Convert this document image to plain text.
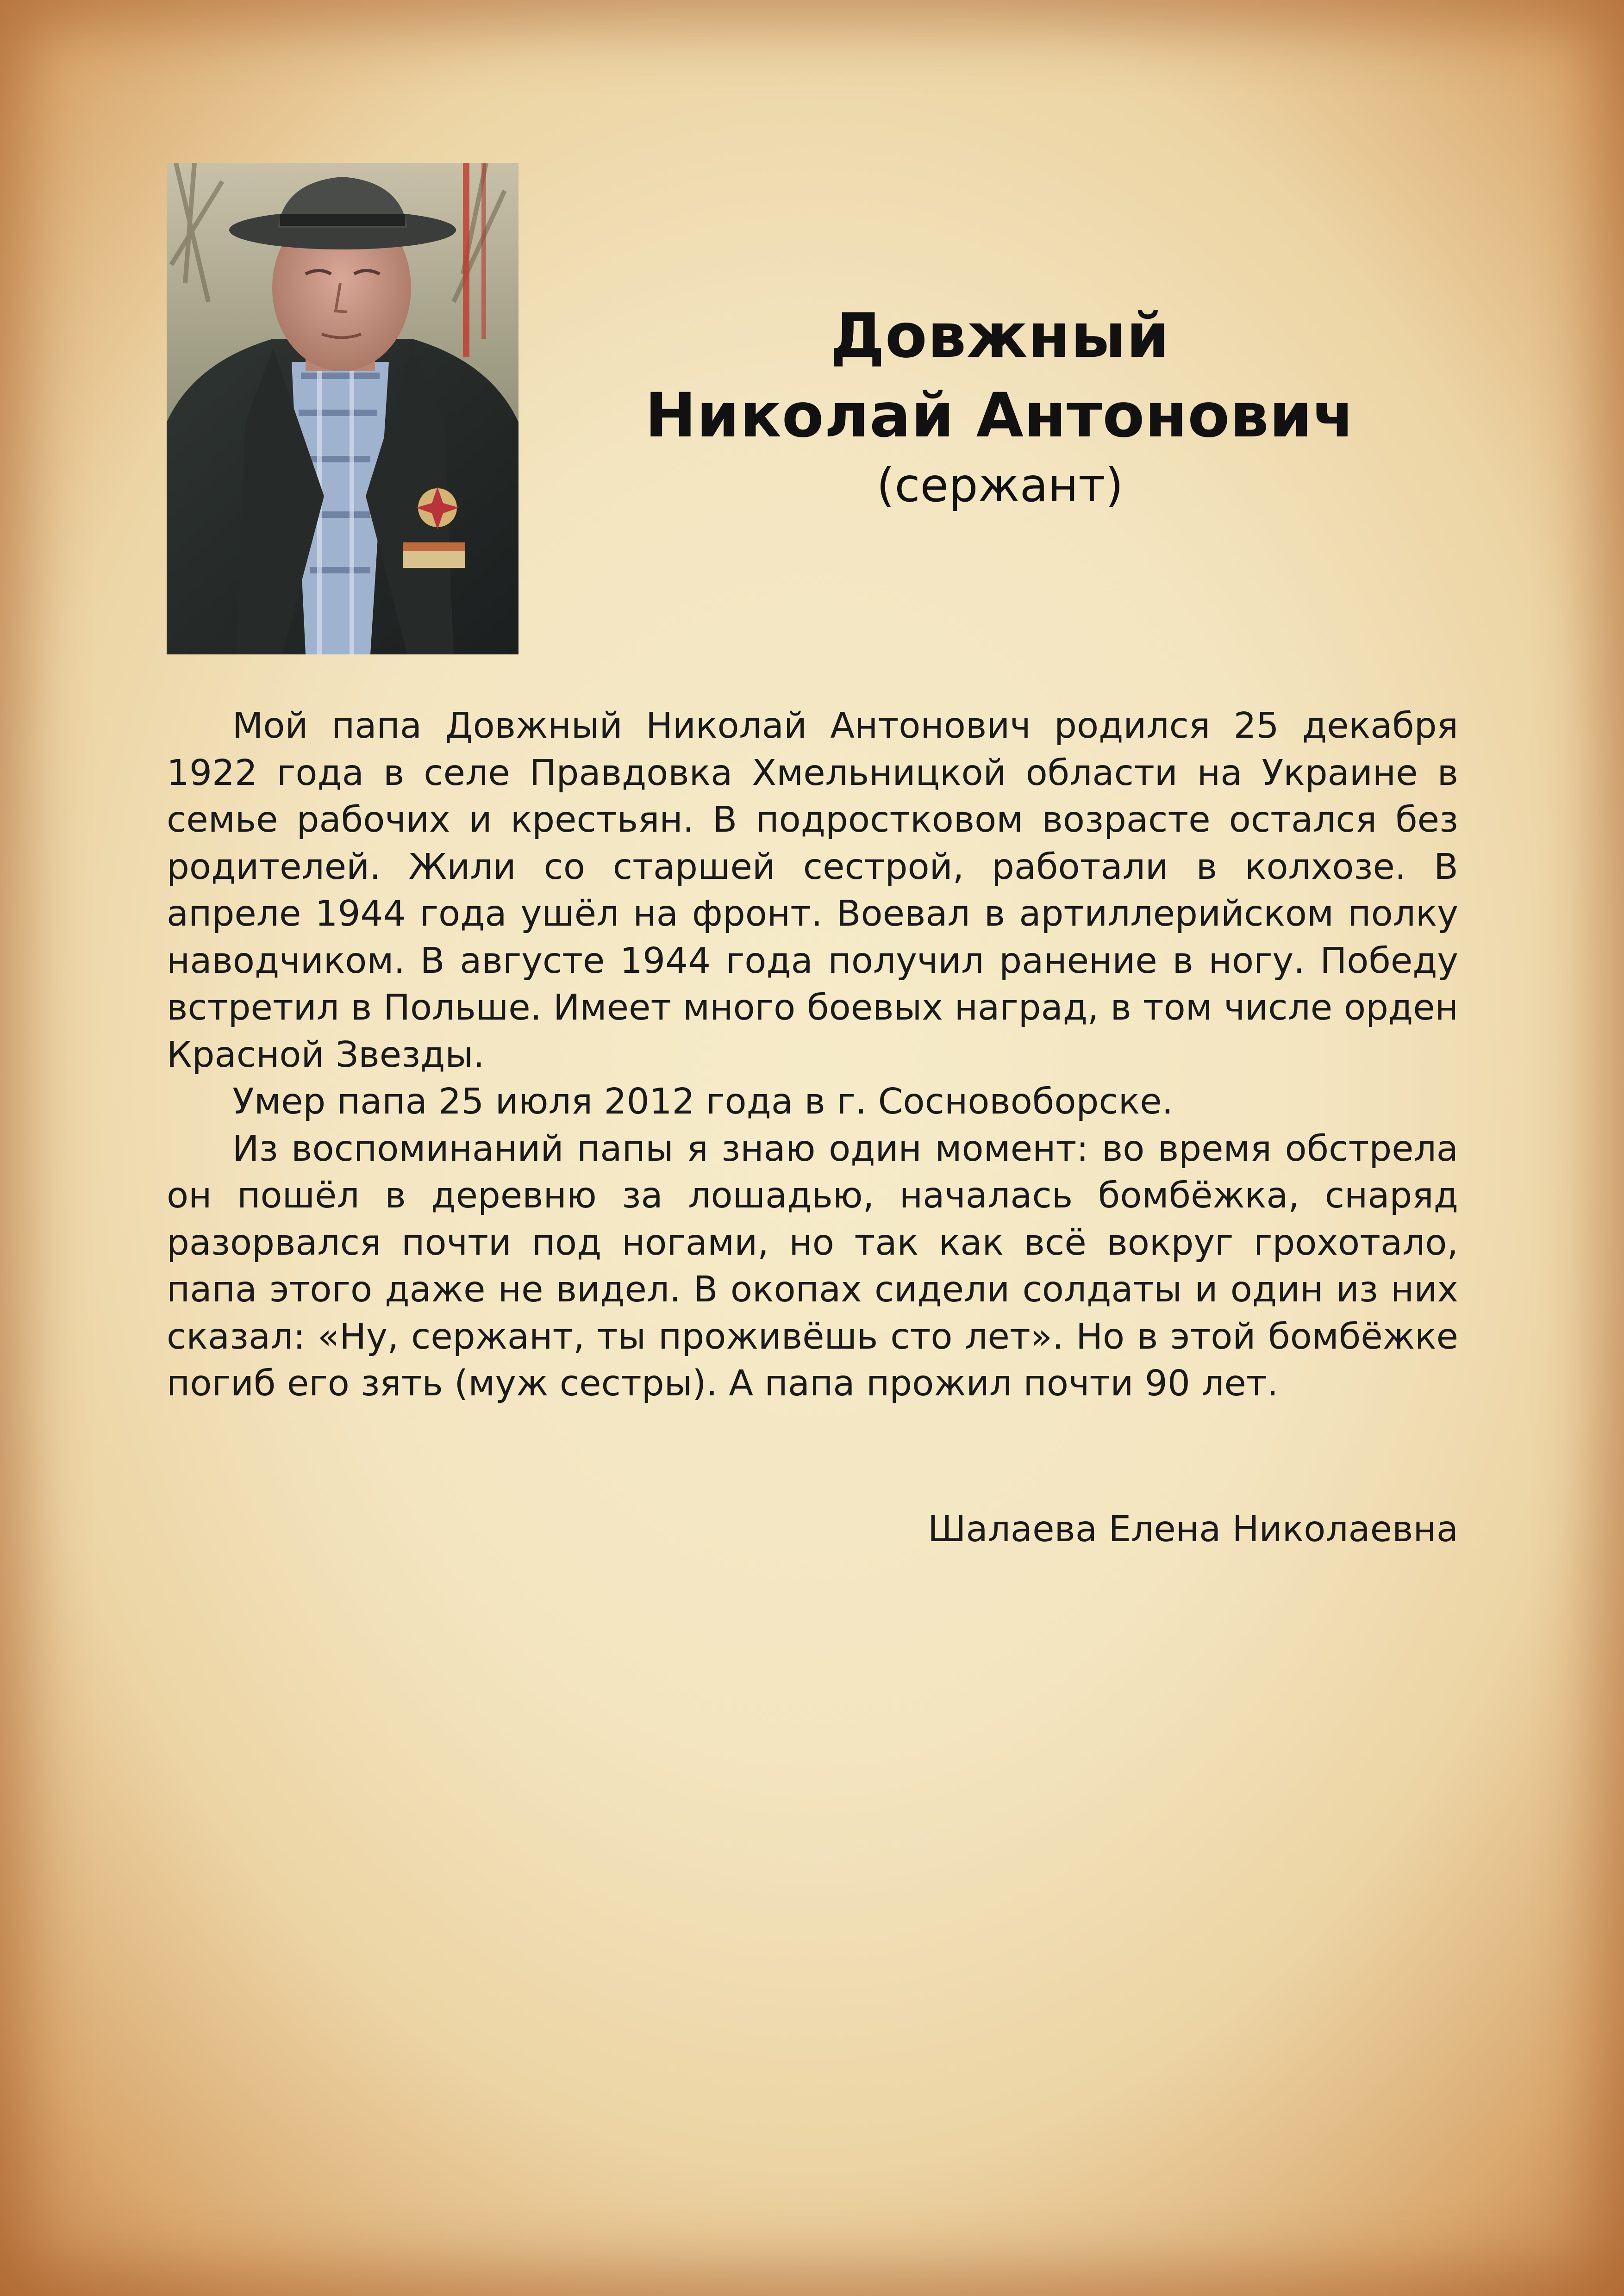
Довжный
Николай Антонович
(сержант)

Мой папа Довжный Николай Антонович родился 25 декабря 1922 года в селе Правдовка Хмельницкой области на Украине в семье рабочих и крестьян. В подростковом возрасте остался без родителей. Жили со старшей сестрой, работали в колхозе. В апреле 1944 года ушёл на фронт. Воевал в артиллерийском полку наводчиком. В августе 1944 года получил ранение в ногу. Победу встретил в Польше. Имеет много боевых наград, в том числе орден Красной Звезды.

Умер папа 25 июля 2012 года в г. Сосновоборске.

Из воспоминаний папы я знаю один момент: во время обстрела он пошёл в деревню за лошадью, началась бомбёжка, снаряд разорвался почти под ногами, но так как всё вокруг грохотало, папа этого даже не видел. В окопах сидели солдаты и один из них сказал: «Ну, сержант, ты проживёшь сто лет». Но в этой бомбёжке погиб его зять (муж сестры). А папа прожил почти 90 лет.

Шалаева Елена Николаевна
